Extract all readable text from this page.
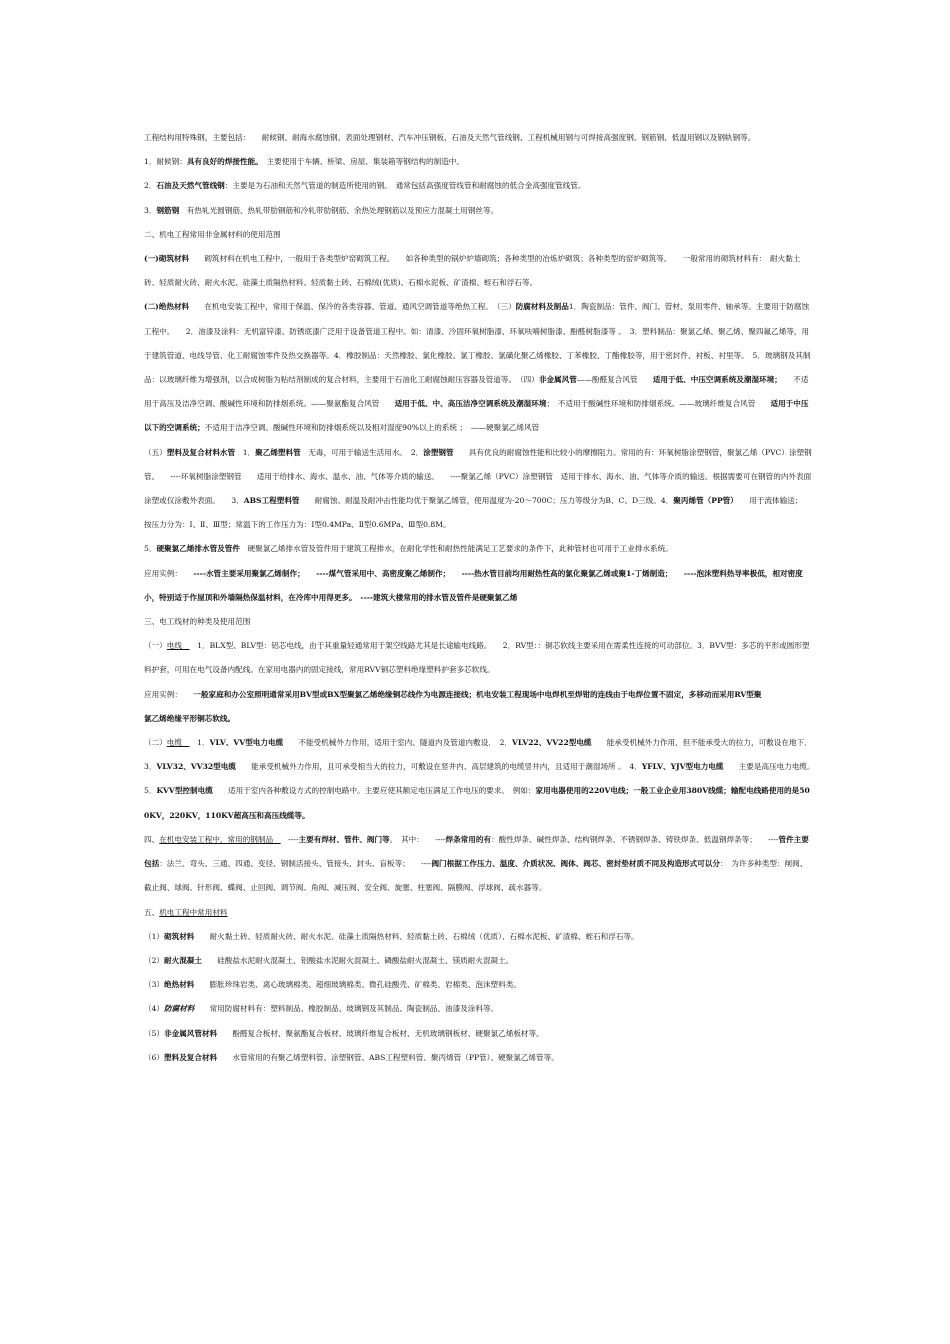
工程结构用特殊钢，主要包括：　　耐候钢、耐海水腐蚀钢、表面处理钢材、汽车冲压钢板、石油及天然气管线钢、工程机械用钢与可焊接高强度钢、钢筋钢、低温用钢以及钢轨钢等。

1．耐候钢：具有良好的焊接性能。　主要使用于车辆、桥梁、房屋、集装箱等钢结构的制造中。

2．石油及天然气管线钢：主要是为石油和天然气管道的制造所使用的钢。　通常包括高强度管线管和耐腐蚀的低合金高强度管线管。

3．钢筋钢　有热轧光圆钢筋、热轧带肋钢筋和冷轧带肋钢筋、余热处理钢筋以及预应力混凝土用钢丝等。

二、机电工程常用非金属材料的使用范围

(一)砌筑材料　　砌筑材料在机电工程中，一般用于各类型炉窑砌筑工程。　　如各种类型的锅炉炉墙砌筑；各种类型的冶炼炉砌筑；各种类型的窑炉砌筑等。　　一般常用的砌筑材料有：　耐火黏土砖、轻质耐火砖、耐火水泥、硅藻土质隔热材料、轻质黏土砖、石棉绒(优质)、石棉水泥板、矿渣棉、蛭石和浮石等。

(二)绝热材料　　在机电安装工程中，常用于保温、保冷的各类容器、管道、通风空调管道等绝热工程。　（三）防腐材料及制品1．陶瓷制品：管件、阀门、管材、泵用零件、轴承等。主要用于防腐蚀工程中。　　2．油漆及涂料：无机富锌漆、防锈底漆广泛用于设备管道工程中。如：清漆、冷固环氧树脂漆、环氧呋喃树脂漆、酚醛树脂漆等 。　3．塑料制品：聚氯乙烯、聚乙烯、聚四氟乙烯等，用于建筑管道、电线导管、化工耐腐蚀零件及热交换器等。4．橡胶制品：天然橡胶、氯化橡胶、氯丁橡胶、氯磺化聚乙烯橡胶、丁苯橡胶、丁酯橡胶等，用于密封件、衬板、衬里等。　5．玻璃钢及其制品：以玻璃纤维为增强剂，以合成树脂为粘结剂制成的复合材料，主要用于石油化工耐腐蚀耐压容器及管道等。　（四）非金属风管——酚醛复合风管　　适用于低、中压空调系统及潮湿环境；　　不适用于高压及洁净空调、酸碱性环境和防排烟系统。——聚氨酯复合风管　　适用于低、中、高压洁净空调系统及潮湿环境；　不适用于酸碱性环境和防排烟系统。——玻璃纤维复合风管　　适用于中压以下的空调系统；不适用于洁净空调、酸碱性环境和防排烟系统以及相对湿度90%以上的系统 ；　——硬聚氯乙烯风管

（五）塑料及复合材料水管　1．聚乙烯塑料管　无毒，可用于输送生活用水。　2．涂塑钢管　　具有优良的耐腐蚀性能和比较小的摩擦阻力。常用的有：环氧树脂涂塑钢管，聚氯乙烯（PVC）涂塑钢管。　　----环氧树脂涂塑钢管　　适用于给排水、海水、温水、油、气体等介质的输送。　　----聚氯乙烯（PVC）涂塑钢管　适用于排水、海水、油、气体等介质的输送。根据需要可在钢管的内外表面涂塑或仅涂敷外表面。　　3．ABS工程塑料管　　耐腐蚀、耐温及耐冲击性能均优于聚氯乙烯管，使用温度为-20～700C；压力等级分为B、C、D三级。4．聚丙烯管（PP管）　　用于流体输送；　　按压力分为：Ⅰ、Ⅱ、Ⅲ型；常温下的工作压力为：Ⅰ型0.4MPa、Ⅱ型0.6MPa、Ⅲ型0.8M。

5．硬聚氯乙烯排水管及管件　硬聚氯乙烯排水管及管件用于建筑工程排水，在耐化学性和耐热性能满足工艺要求的条件下，此种管材也可用于工业排水系统。

应用实例：　　----水管主要采用聚氯乙烯制作；　　----煤气管采用中、高密度聚乙烯制作；　　----热水管目前均用耐热性高的氯化聚氯乙烯或聚1-丁烯制造；　　----泡沫塑料热导率极低，相对密度小，特别适于作屋顶和外墙隔热保温材料，在冷库中用得更多。　----建筑大楼常用的排水管及管件是硬聚氯乙烯

三、电工线材的种类及使用范围

（一）电线　　1．BLX型、BLV型：铝芯电线，由于其重量轻通常用于架空线路尤其是长途输电线路。　　2．RV型：：铜芯软线主要采用在需柔性连接的可动部位。3．BVV型：多芯的平形或圆形塑料护套，可用在电气设备内配线。在家用电器内的固定接线，常用RVV铜芯塑料绝缘塑料护套多芯软线。

应用实例：　　一般家庭和办公室照明通常采用BV型或BX型聚氯乙烯绝缘铜芯线作为电源连接线；机电安装工程现场中电焊机至焊钳的连线由于电焊位置不固定，多移动而采用RV型聚

氯乙烯绝缘平形铜芯软线。

（二）电缆　　1．VLV、VV型电力电缆　　不能受机械外力作用，适用于室内、隧道内及管道内敷设．　2．VLV22、VV22型电缆　　能承受机械外力作用，但不能承受大的拉力，可敷设在地下．　3．VLV32、VV32型电缆　　能承受机械外力作用，且可承受相当大的拉力，可敷设在竖井内、高层建筑的电缆竖井内，且适用于潮湿场所 。　4．YFLV、YJV型电力电缆　　主要是高压电力电缆。　　5．KVV型控制电缆　　适用于室内各种敷设方式的控制电路中。主要应使其额定电压满足工作电压的要求。　例如：家用电器使用的220V电线；一般工业企业用380V线缆；输配电线路使用的是500KV，220KV，110KV超高压和高压线缆等。

四、在机电安装工程中，常用的钢制品　　----主要有焊材、管件、阀门等。　其中：　　----焊条常用的有：酸性焊条、碱性焊条、结构钢焊条、不锈钢焊条、铸铁焊条、低温钢焊条等；　　----管件主要包括：法兰、弯头、三通、四通、变径、钢制活接头、管接头、封头、盲板等；　　----阀门根据工作压力、温度、介质状况、阀体、阀芯、密封垫材质不同及构造形式可以分：　为许多种类型：闸阀、截止阀、球阀、针形阀、蝶阀、止回阀、调节阀、角阀、减压阀、安全阀、旋塞、柱塞阀、隔膜阀、浮球阀、疏水器等。

五、机电工程中常用材料

（1）砌筑材料　　耐火黏土砖、轻质耐火砖、耐火水泥、硅藻土质隔热材料、轻质黏土砖、石棉绒（优质）、石棉水泥板、矿渣棉、蛭石和浮石等。

（2）耐火混凝土　　硅酸盐水泥耐火混凝土、铝酸盐水泥耐火混凝土、磷酸盐耐火混凝土、镁质耐火混凝土。

（3）绝热材料　　膨胀珍珠岩类、离心玻璃棉类、超细玻璃棉类、微孔硅酸壳、矿棉类、岩棉类、泡沫塑料类。

（4）防腐材料　　常用防腐材料有：塑料制品、橡胶制品、玻璃钢及其制品、陶瓷制品、油漆及涂料等。

（5）非金属风管材料　　酚醛复合板材、聚氨酯复合板材、玻璃纤维复合板材、无机玻璃钢板材、硬聚氯乙烯板材等。

（6）塑料及复合材料　　水管常用的有聚乙烯塑料管、涂塑钢管、ABS工程塑料管、聚丙烯管（PP管）、硬聚氯乙烯管等。
